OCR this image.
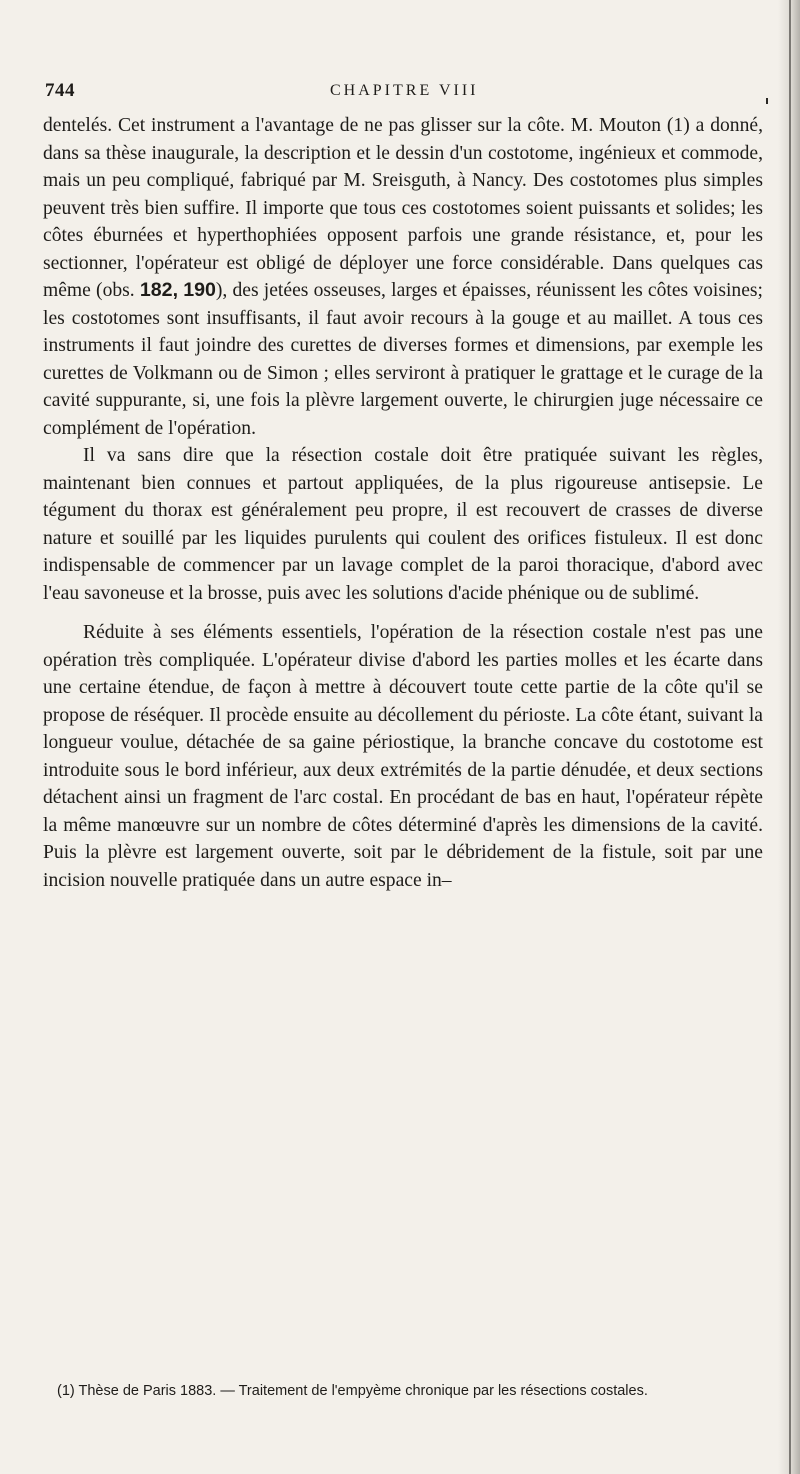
744	CHAPITRE VIII

dentelés. Cet instrument a l'avantage de ne pas glisser sur la côte. M. Mouton (1) a donné, dans sa thèse inaugurale, la description et le dessin d'un costotome, ingénieux et commode, mais un peu compliqué, fabriqué par M. Sreisguth, à Nancy. Des costotomes plus simples peuvent très bien suffire. Il importe que tous ces costotomes soient puissants et solides; les côtes éburnées et hyperthophiées opposent parfois une grande résistance, et, pour les sectionner, l'opérateur est obligé de déployer une force considérable. Dans quelques cas même (obs. 182, 190), des jetées osseuses, larges et épaisses, réunissent les côtes voisines; les costotomes sont insuffisants, il faut avoir recours à la gouge et au maillet. A tous ces instruments il faut joindre des curettes de diverses formes et dimensions, par exemple les curettes de Volkmann ou de Simon ; elles serviront à pratiquer le grattage et le curage de la cavité suppurante, si, une fois la plèvre largement ouverte, le chirurgien juge nécessaire ce complément de l'opération.

Il va sans dire que la résection costale doit être pratiquée suivant les règles, maintenant bien connues et partout appliquées, de la plus rigoureuse antisepsie. Le tégument du thorax est généralement peu propre, il est recouvert de crasses de diverse nature et souillé par les liquides purulents qui coulent des orifices fistuleux. Il est donc indispensable de commencer par un lavage complet de la paroi thoracique, d'abord avec l'eau savoneuse et la brosse, puis avec les solutions d'acide phénique ou de sublimé.

Réduite à ses éléments essentiels, l'opération de la résection costale n'est pas une opération très compliquée. L'opérateur divise d'abord les parties molles et les écarte dans une certaine étendue, de façon à mettre à découvert toute cette partie de la côte qu'il se propose de réséquer. Il procède ensuite au décollement du périoste. La côte étant, suivant la longueur voulue, détachée de sa gaine périostique, la branche concave du costotome est introduite sous le bord inférieur, aux deux extrémités de la partie dénudée, et deux sections détachent ainsi un fragment de l'arc costal. En procédant de bas en haut, l'opérateur répète la même manœuvre sur un nombre de côtes déterminé d'après les dimensions de la cavité. Puis la plèvre est largement ouverte, soit par le débridement de la fistule, soit par une incision nouvelle pratiquée dans un autre espace in–

(1) Thèse de Paris 1883. — Traitement de l'empyème chronique par les résections costales.
